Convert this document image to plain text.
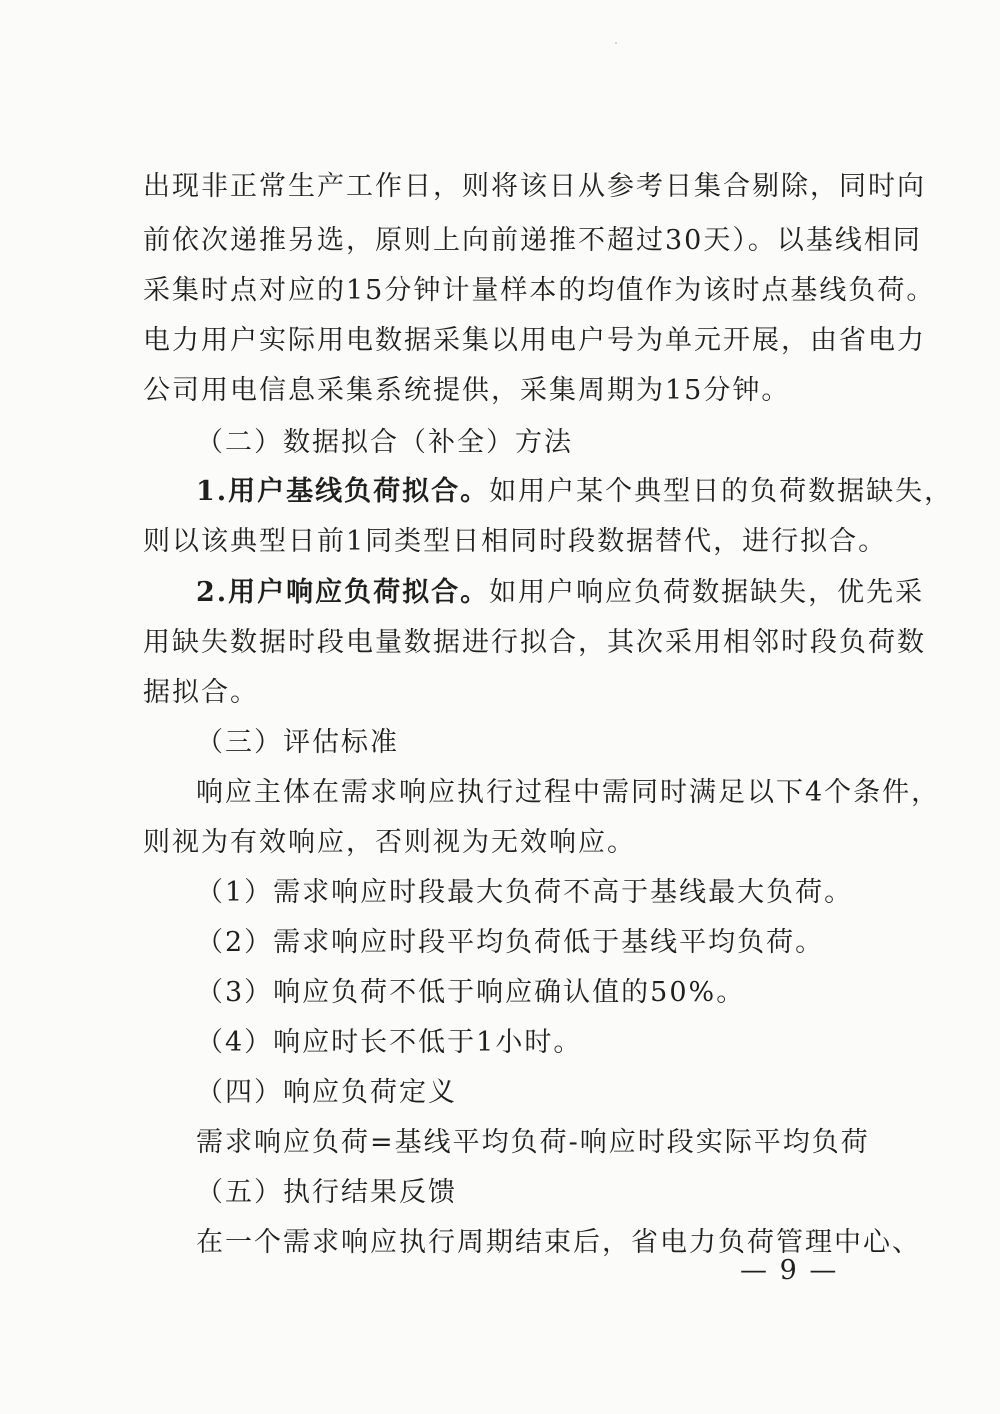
出现非正常生产工作日，则将该日从参考日集合剔除，同时向
前依次递推另选，原则上向前递推不超过30天）。以基线相同
采集时点对应的15分钟计量样本的均值作为该时点基线负荷。
电力用户实际用电数据采集以用电户号为单元开展，由省电力
公司用电信息采集系统提供，采集周期为15分钟。
（二）数据拟合（补全）方法
1.用户基线负荷拟合。如用户某个典型日的负荷数据缺失，
则以该典型日前1同类型日相同时段数据替代，进行拟合。
2.用户响应负荷拟合。如用户响应负荷数据缺失，优先采
用缺失数据时段电量数据进行拟合，其次采用相邻时段负荷数
据拟合。
（三）评估标准
响应主体在需求响应执行过程中需同时满足以下4个条件，
则视为有效响应，否则视为无效响应。
（1）需求响应时段最大负荷不高于基线最大负荷。
（2）需求响应时段平均负荷低于基线平均负荷。
（3）响应负荷不低于响应确认值的50%。
（4）响应时长不低于1小时。
（四）响应负荷定义
需求响应负荷=基线平均负荷-响应时段实际平均负荷
（五）执行结果反馈
在一个需求响应执行周期结束后，省电力负荷管理中心、
— 9 —
